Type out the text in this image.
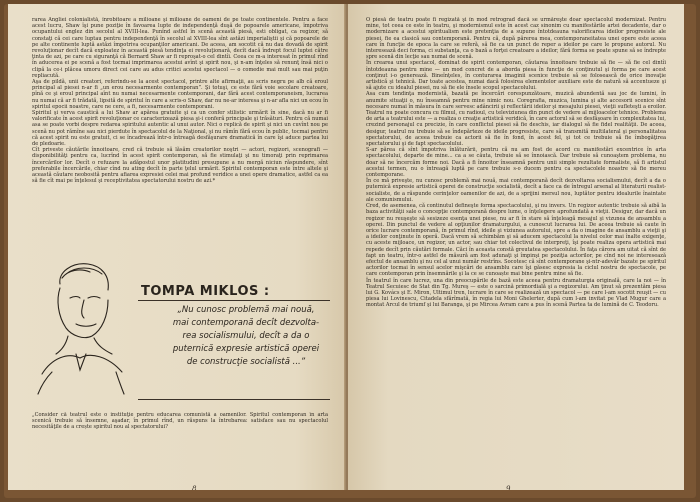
rarea Angliei colonialistă, înrobitoare a milioane şi milioane de oameni de pe toate continentele. Pentru a face acest lucru, Shaw îşi pune poziţie în favoarea lupte de independenţă duşă de popoarele americane, împotriva ocupantului englez din secolul al XVIII-lea. Punînd astfel în scenă această piesă, esti obligat, ca regizor, să constaţi că cei care luptau pentru independenţă în secolul al XVIII-lea sînt astăzi imperialiştii şi că popoarele de pe alte continente luptă astăzi împotriva ocupanţilor americani. De aceea, am socotit că nu dau dovadă de spirit revoluţionar decît dacă exploatez în această piesă tendinţa ei revoluţionară, decît dacă îndrept focul luptei către ţinta de azi, pe care cu siguranţă că Bernard Shaw ar fi reproşat-o cel dintîi. Ceea ce m-a interesat în primul rînd în aducerea ei pe scenă a fost tocmai imprimarea acestui avînt şi spirit nou, şi n-am înţeles să renunţ însă nici o clipă la ce-i plăcea umoru direct cei care au adus critici acestui spectacol — o comedie mai mult sau mai puţin repliacută.
Aşa de pildă, unii creatori, referindu-se la acest spectacol, printre alte afirmaţii, au scris negru pe alb că eroul principal al piesei n-ar fi „un erou necesarmente contemporan”. Şi totuşi, ce este fără voie secolare creatoare, pînă ce şi eroul principal aînt nu numai necesarmente contemporani, dar fără acest contemporaneism, lucrarea nu numai că ar fi trădată, lipsită de spiritul în care a scris-o Shaw, dar nu ne-ar interesa şi n-ar afla nici un ecou în spiritul epocii noastre, care ne cere, a fi, necesarmente contemporani.
Spiritul şi verva caustică a lui Shaw ar apărea gratuite şi ca un confer stilistic urmărit în sine, dacă nu ar fi valorificate în acest spirit revoluţionar ce caracterizează piesa şi-i conferă principale şi trăsături. Pentru că numai asa se poate vorbi despre redarea spiritului autentic al unui autor. Nici o replică de spirit şi nici un cuvînt nou pe scenă nu pot rămîne sau nici pierdute în spectacolul de la Naţional, şi nu rămîn fără ecou în public, tocmai pentru că acest spirit nu este gratuit, ci se încadrează într-o întreagă desfăşurare dramatică în care îşi aduce partea lui de pledoarie.
Cît priveste căutările înnoitoare, cred că trebuie să lăsăm creatorilor noştri — actori, regizori, scenografi — disponibilităţi pentru ca, lucrînd în acest spirit contemporan, să fie stimulaţi şi nu timoraţi prin reprimarea încercărilor lor. Decît o refuzare la adăpostul unor platitudini presupune a nu mergă niciun răspundere, sînt preferabile încercările, chiar cînd nu ating decît în parte ţelul urmărit. Spiritul contemporan este între altele şi această căutare neobosită pentru afiarea expresiei celei mai profund veridice a unei opere dramatice, astfel ca ea să fie cît mai pe înţelesul şi receptivitatea spectatorului nostru de azi.*
TOMPA MIKLOS :
„Nu cunosc problemă mai nouă,
mai contemporană decît dezvolta-
rea socialismului, decît a da o
puternică expresie artistică operei
de construcţie socialistă ...”
„Consider că teatrul este o instituţie pentru educarea comunistă a oamenilor. Spiritul contemporan în arta scenică trebuie să însemne, aşadar, în primul rînd, un răspuns la întrebarea: satisface sau nu spectacolul necesităţile de a crește spiritul nou al spectatorului?
8
O piesă de teatru poate fi regizată şi în mod retrograd dacă se urmăreşte doar spectacolul modernizat. Pentru mine, tot ceea ce este în teatru, şi modernismul este în acest caz sinonim cu manifestările artei decadente, dar o modernizare a acestui spiritualism este pretenţia de a supune întotdeauna valorificarea ideilor progresiste ale piesei, fie ea clasică sau contemporană. Pentru că, după părerea mea, contemporaneitatea unei opere este aceea care în funcţie de epoca la care se referă, să fie ca un punct de reper a ideilor pe care le propune autorul. Nu interesează deci forma, ci substanţa, ca o bază a forţei creatoare a ideilor, fără forma se poate spune să se îndrepte spre scenă din lecţie sau numai de scenă.
În crearea unui spectacol, dominat de spirit contemporan, căutarea înnoitoare trebuie să fie — să fie cel dintîi întotdeauna pentru mine — un mod concret de a aborda piesa în funcţie de conţinutul şi forma pe care acest conţinut i-o generează. Bineînţeles, în conturarea imaginii scenice trebuie să se folosească de orice inovaţie artistică şi tehnică. Dar toate acestea, numai dacă folosirea elementelor auxiliare este de natură să accentueze şi să ajute cu idealul piesei, nu să fie ele însele scopul spectacolului.
Asa cum tendinţa modernistă, bazată pe încercări corespunzătoare, muzică abundentă sau joc de lumini, în anumite situaţii o, nu înseamnă pentru mine nimic nou. Coregrafia, muzica, lumina şi alte accesorii scenice sînt necesare numai în măsura în care servesc adâncirii şi reflectării ideilor şi mesajului piesei, vieţii sufleteşti a eroilor. Teatrul nu poate concura cu filmul, cu radioul, cu televiziunea din punct de vedere al mijloacelor tehnice. Problema de arta a teatrului este — a realiza o creaţie artistică veridică, în care actorul să se desfăşoare în complexitatea lui, crezind personajul cu precizie, în care conflictul piesei să fie deschis, iar dialogul să fie fidel realităţii. De aceea, desigur, teatrul nu trebuie să se îndepărteze de ideile progresiste, care să transmită multilateral şi personalitatea spectatorului, de aceea trebuie ca actorii să fie în fond, în acest fel, şi tot ce trebuie să fie îmbogăţirea spectatorului şi de fapt spectacolului.
S-ar părea că sînt împotriva înlăturării, pentru că nu am fost de acord cu manifestări excentrice în arta spectacolului, departe de mine... ca a se căuta, trebuie să se înnoiască. Dar trebuie să cunoaştem problema, nu doar să ne încercăm forme noi. Dacă a fi înnoitor înseamnă pentru unii simple rezultate formaliste, să fi artistul acestui termen, nu o întreagă luptă pe care trebuie s-o ducem pentru ca spectacolele noastre să fie mereu contemporane.
În ce mă priveşte, nu cunosc problemă mai nouă, mai contemporană decît dezvoltarea socialismului, decît a da o puternică expresie artistică operei de construcţie socialistă, decît a face ca de întregul arsenal al literaturii realist-socialiste, de a răspunde cerinţelor oamenilor de azi, de a sprijini mersul nou, luptător pentru idealurile înaintate ale comunismului.
Cred, de asemenea, că continutul defineşte forma spectacolului, şi nu invers. Un regizor autentic trebuie să aibă la baza activităţii sale o concepţie contemporană despre lume, o înţelegere aprofundată a vieţii. Desigur, dar dacă un regizor nu reuşeşte să sesizeze esenţa unei piese, nu ar fi în stare să înţeleagă mesajul şi vizunea de ansamblu a operei. Din punctul de vedere al opţiunilor dramaturgului, a cunoscut lucrarea lui. De aceea trebuie să caute în orice lucrare contemporană, în primul rînd, ideile şi viziunea autorului, spre a da o imagine de ansamblu a vieţii şi a ideilor conţinute în operă. Dacă vrem să schimbăm şi să aducem spectacolul la nivelul celor mai înalte exigenţe, cu aceste mijloace, un regizor, un actor, sau chiar tot colectivul de interpreţi, îşi poate realiza opera artistică mai repede decît prin căutări formale. Căci în aceasta constă greutatea spectacolului. În faţa cărora am uitat că sînt de fapt un teatru, într-o astfel de măsură am fost adunaţi şi împinşi pe poziţia actorilor, pe cînd noi ne interesează efectul de ansamblu şi nu cel al unui număr restrîns. Socotesc că sînt contemporane şi-ntr-adevăr bazate pe spiritul actorilor tocmai în sensul acelor mişcări de ansamblu care îşi găsesc expresia la ciclul nostru de spectacole, pe care contemporan prin însemnările şi la ce se cunoaște mai bine pentru mine să fie.
În teatrul în care lucrez, una din preocupările de bază este aceea pentru dramaturgia originală, care la noi — în Teatrul Secuiesc de Stat din Tg. Mureş — este o sarcină primordială şi a regizorului. Am ţinut să prezentăm piesa lui G. Kovács şi E. Miron, Ultimul tren, lucrare în care se realizează un spectacol — pe care l-am socotit reuşit — cu piesa lui Lovinescu, Citadela sfărîmată, în regia lui Moni Ghelerter, după cum l-am invitat pe Vlad Mugur care a montat Arcul de triumf şi lui Baranga, şi pe Mircea Avram care a pus în scenă Partea ta de lumină de C. Teodoru.
9
